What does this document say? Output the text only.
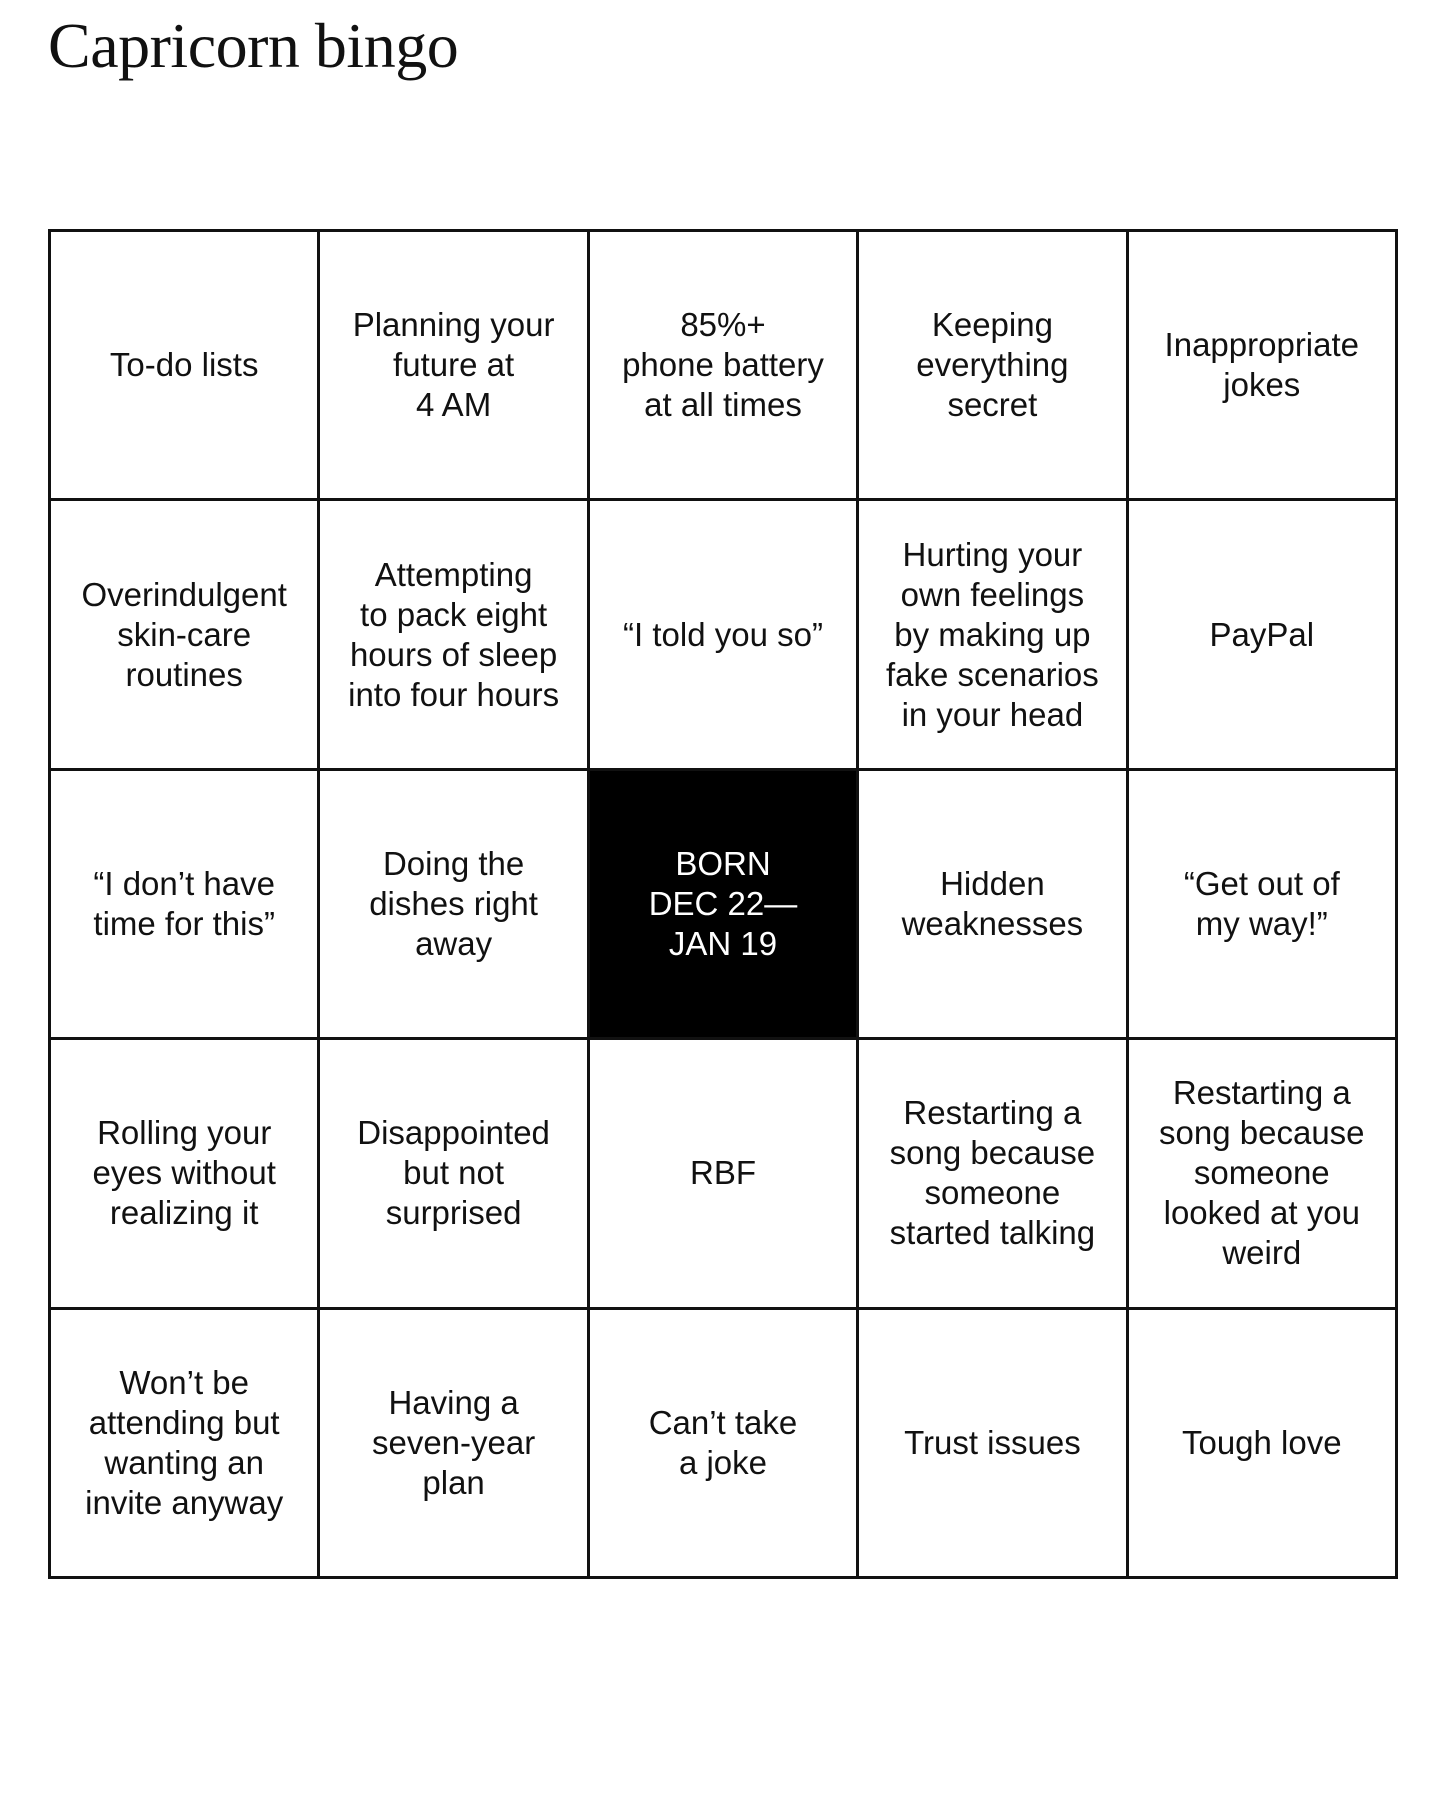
Capricorn bingo
To-do lists
Planning your
future at
4 AM
85%+
phone battery
at all times
Keeping
everything
secret
Inappropriate
jokes
Overindulgent
skin-care
routines
Attempting
to pack eight
hours of sleep
into four hours
“I told you so”
Hurting your
own feelings
by making up
fake scenarios
in your head
PayPal
“I don’t have
time for this”
Doing the
dishes right
away
BORN
DEC 22—
JAN 19
Hidden
weaknesses
“Get out of
my way!”
Rolling your
eyes without
realizing it
Disappointed
but not
surprised
RBF
Restarting a
song because
someone
started talking
Restarting a
song because
someone
looked at you
weird
Won’t be
attending but
wanting an
invite anyway
Having a
seven-year
plan
Can’t take
a joke
Trust issues	Tough love
